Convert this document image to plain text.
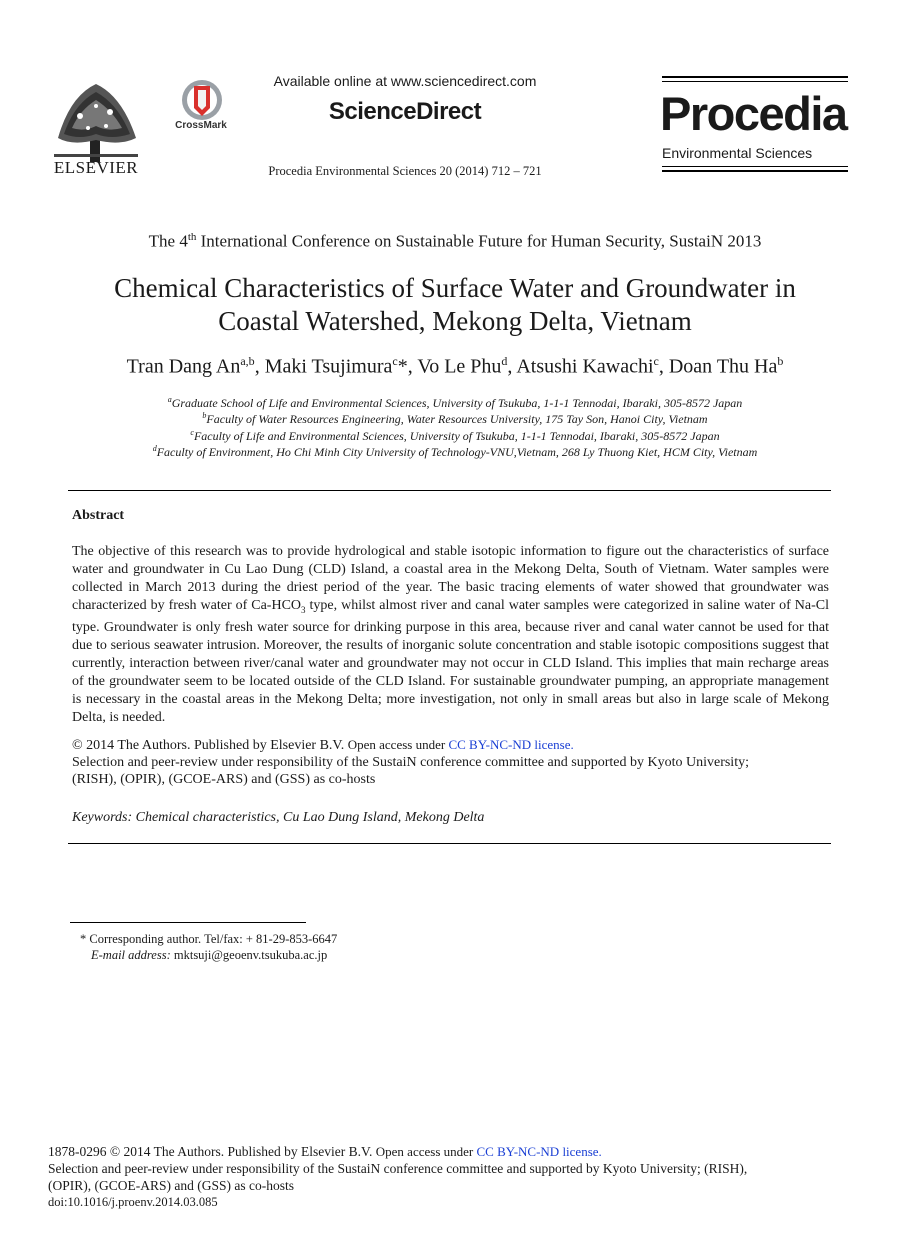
ELSEVIER
CrossMark
Available online at www.sciencedirect.com
ScienceDirect
Procedia Environmental Sciences 20 (2014) 712 – 721
Procedia
Environmental Sciences
The 4th International Conference on Sustainable Future for Human Security, SustaiN 2013
Chemical Characteristics of Surface Water and Groundwater in
Coastal Watershed, Mekong Delta, Vietnam
Tran Dang An$^{a,b}$, Maki Tsujimura$^c$*, Vo Le Phu$^d$, Atsushi Kawachi$^c$, Doan Thu Ha$^b$
$^a$Graduate School of Life and Environmental Sciences, University of Tsukuba, 1-1-1 Tennodai, Ibaraki, 305-8572 Japan
$^b$Faculty of Water Resources Engineering, Water Resources University, 175 Tay Son, Hanoi City, Vietnam
$^c$Faculty of Life and Environmental Sciences, University of Tsukuba, 1-1-1 Tennodai, Ibaraki, 305-8572 Japan
$^d$Faculty of Environment, Ho Chi Minh City University of Technology-VNU,Vietnam, 268 Ly Thuong Kiet, HCM City, Vietnam
Abstract
The objective of this research was to provide hydrological and stable isotopic information to figure out the characteristics of surface water and groundwater in Cu Lao Dung (CLD) Island, a coastal area in the Mekong Delta, South of Vietnam. Water samples were collected in March 2013 during the driest period of the year. The basic tracing elements of water showed that groundwater was characterized by fresh water of $Ca-HCO_3$ type, whilst almost river and canal water samples were categorized in saline water of Na-Cl type. Groundwater is only fresh water source for drinking purpose in this area, because river and canal water cannot be used for that due to serious seawater intrusion. Moreover, the results of inorganic solute concentration and stable isotopic compositions suggest that currently, interaction between river/canal water and groundwater may not occur in CLD Island. This implies that main recharge areas of the groundwater seem to be located outside of the CLD Island. For sustainable groundwater pumping, an appropriate management is necessary in the coastal areas in the Mekong Delta; more investigation, not only in small areas but also in large scale of Mekong Delta, is needed.
© 2014 The Authors. Published by Elsevier B.V. Open access under CC BY-NC-ND license.
Selection and peer-review under responsibility of the SustaiN conference committee and supported by Kyoto University;
(RISH), (OPIR), (GCOE-ARS) and (GSS) as co-hosts
Keywords: Chemical characteristics, Cu Lao Dung Island, Mekong Delta
* Corresponding author. Tel/fax: + 81-29-853-6647
E-mail address: mktsuji@geoenv.tsukuba.ac.jp
1878-0296 © 2014 The Authors. Published by Elsevier B.V. Open access under CC BY-NC-ND license.
Selection and peer-review under responsibility of the SustaiN conference committee and supported by Kyoto University; (RISH),
(OPIR), (GCOE-ARS) and (GSS) as co-hosts
doi:10.1016/j.proenv.2014.03.085
